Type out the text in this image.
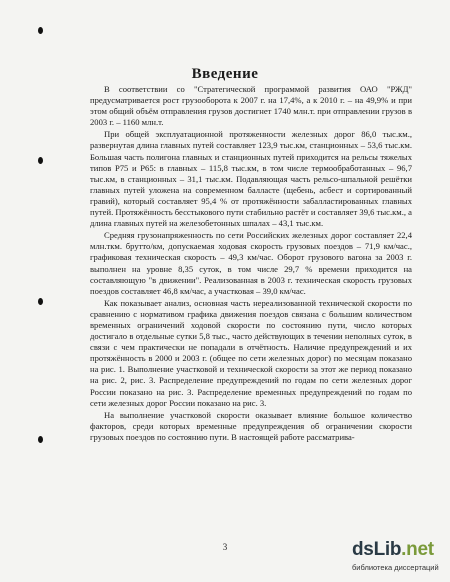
Введение

В соответствии со "Стратегической программой развития ОАО "РЖД" предусматривается рост грузооборота к 2007 г. на 17,4%, а к 2010 г. – на 49,9% и при этом общий объём отправления грузов достигнет 1740 млн.т. при отправлении грузов в 2003 г. – 1160 млн.т.

При общей эксплуатационной протяженности железных дорог 86,0 тыс.км., развернутая длина главных путей составляет 123,9 тыс.км, станционных – 53,6 тыс.км. Большая часть полигона главных и станционных путей приходится на рельсы тяжелых типов Р75 и Р65: в главных – 115,8 тыс.км, в том числе термообработанных – 96,7 тыс.км, в станционных – 31,1 тыс.км. Подавляющая часть рельсо-шпальной решётки главных путей уложена на современном балласте (щебень, асбест и сортированный гравий), который составляет 95,4 % от протяжённости забалластированных главных путей. Протяжённость бесстыкового пути стабильно растёт и составляет 39,6 тыс.км., а длина главных путей на железобетонных шпалах – 43,1 тыс.км.

Средняя грузонапряженность по сети Российских железных дорог составляет 22,4 млн.ткм. брутто/км, допускаемая ходовая скорость грузовых поездов – 71,9 км/час., графиковая техническая скорость – 49,3 км/час. Оборот грузового вагона за 2003 г. выполнен на уровне 8,35 суток, в том числе 29,7 % времени приходится на составляющую "в движении". Реализованная в 2003 г. техническая скорость грузовых поездов составляет 46,8 км/час, а участковая – 39,0 км/час.

Как показывает анализ, основная часть нереализованной технической скорости по сравнению с нормативом графика движения поездов связана с большим количеством временных ограничений ходовой скорости по состоянию пути, число которых достигало в отдельные сутки 5,8 тыс., часто действующих в течении неполных суток, в связи с чем практически не попадали в отчётность. Наличие предупреждений и их протяжённость в 2000 и 2003 г. (общее по сети железных дорог) по месяцам показано на рис. 1. Выполнение участковой и технической скорости за этот же период показано на рис. 2, рис. 3. Распределение предупреждений по годам по сети железных дорог России показано на рис. 3. Распределение временных предупреждений по годам по сети железных дорог России показано на рис. 3.

На выполнение участковой скорости оказывает влияние большое количество факторов, среди которых временные предупреждения об ограничении скорости грузовых поездов по состоянию пути. В настоящей работе рассматрива-

3	dsLib.net
библиотека диссертаций
